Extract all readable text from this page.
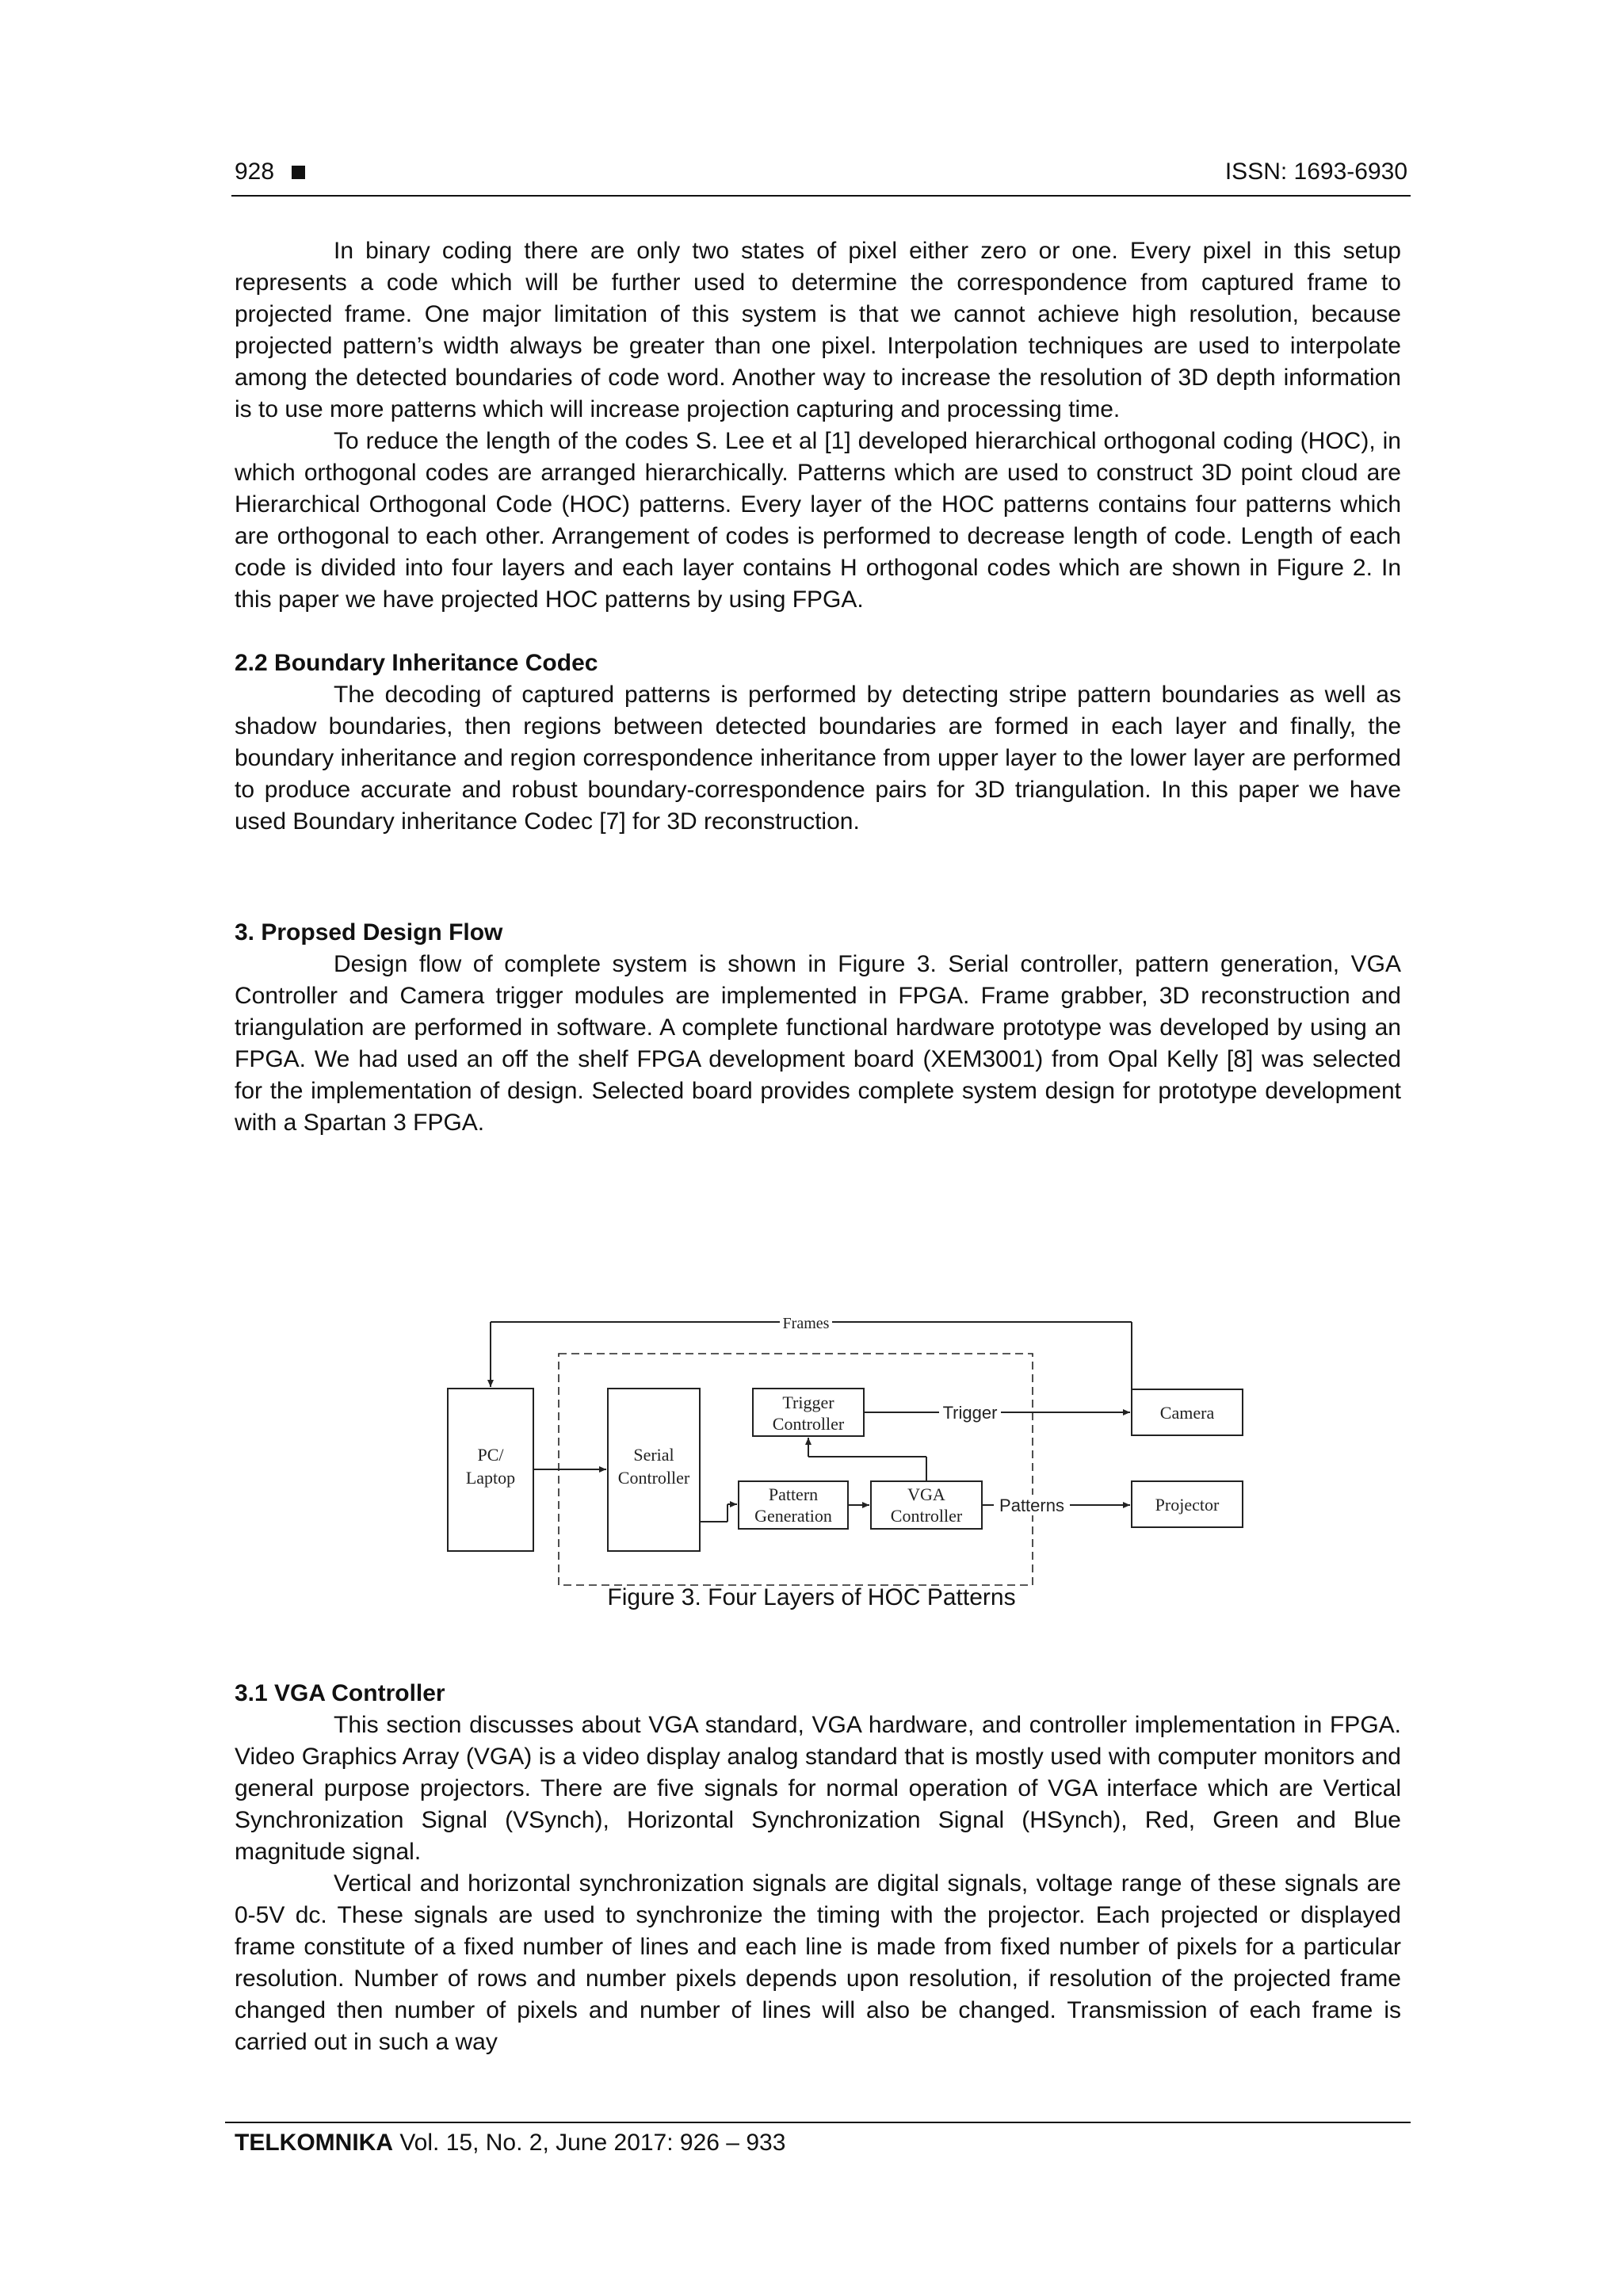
928	ISSN: 1693-6930

In binary coding there are only two states of pixel either zero or one. Every pixel in this setup represents a code which will be further used to determine the correspondence from captured frame to projected frame. One major limitation of this system is that we cannot achieve high resolution, because projected pattern’s width always be greater than one pixel. Interpolation techniques are used to interpolate among the detected boundaries of code word. Another way to increase the resolution of 3D depth information is to use more patterns which will increase projection capturing and processing time.

To reduce the length of the codes S. Lee et al [1] developed hierarchical orthogonal coding (HOC), in which orthogonal codes are arranged hierarchically. Patterns which are used to construct 3D point cloud are Hierarchical Orthogonal Code (HOC) patterns. Every layer of the HOC patterns contains four patterns which are orthogonal to each other. Arrangement of codes is performed to decrease length of code. Length of each code is divided into four layers and each layer contains H orthogonal codes which are shown in Figure 2. In this paper we have projected HOC patterns by using FPGA.

2.2 Boundary Inheritance Codec

The decoding of captured patterns is performed by detecting stripe pattern boundaries as well as shadow boundaries, then regions between detected boundaries are formed in each layer and finally, the boundary inheritance and region correspondence inheritance from upper layer to the lower layer are performed to produce accurate and robust boundary-correspondence pairs for 3D triangulation. In this paper we have used Boundary inheritance Codec [7] for 3D reconstruction.

3. Propsed Design Flow

Design flow of complete system is shown in Figure 3. Serial controller, pattern generation, VGA Controller and Camera trigger modules are implemented in FPGA. Frame grabber, 3D reconstruction and triangulation are performed in software. A complete functional hardware prototype was developed by using an FPGA. We had used an off the shelf FPGA development board (XEM3001) from Opal Kelly [8] was selected for the implementation of design. Selected board provides complete system design for prototype development with a Spartan 3 FPGA.

Frames
PC/
Laptop
Serial
Controller
Trigger
Controller
Trigger	Camera
Pattern
Generation
VGA
Controller
Patterns	Projector
Figure 3. Four Layers of HOC Patterns
3.1 VGA Controller

This section discusses about VGA standard, VGA hardware, and controller implementation in FPGA. Video Graphics Array (VGA) is a video display analog standard that is mostly used with computer monitors and general purpose projectors. There are five signals for normal operation of VGA interface which are Vertical Synchronization Signal (VSynch), Horizontal Synchronization Signal (HSynch), Red, Green and Blue magnitude signal.

Vertical and horizontal synchronization signals are digital signals, voltage range of these signals are 0-5V dc. These signals are used to synchronize the timing with the projector. Each projected or displayed frame constitute of a fixed number of lines and each line is made from fixed number of pixels for a particular resolution. Number of rows and number pixels depends upon resolution, if resolution of the projected frame changed then number of pixels and number of lines will also be changed. Transmission of each frame is carried out in such a way

TELKOMNIKA Vol. 15, No. 2, June 2017: 926 – 933
